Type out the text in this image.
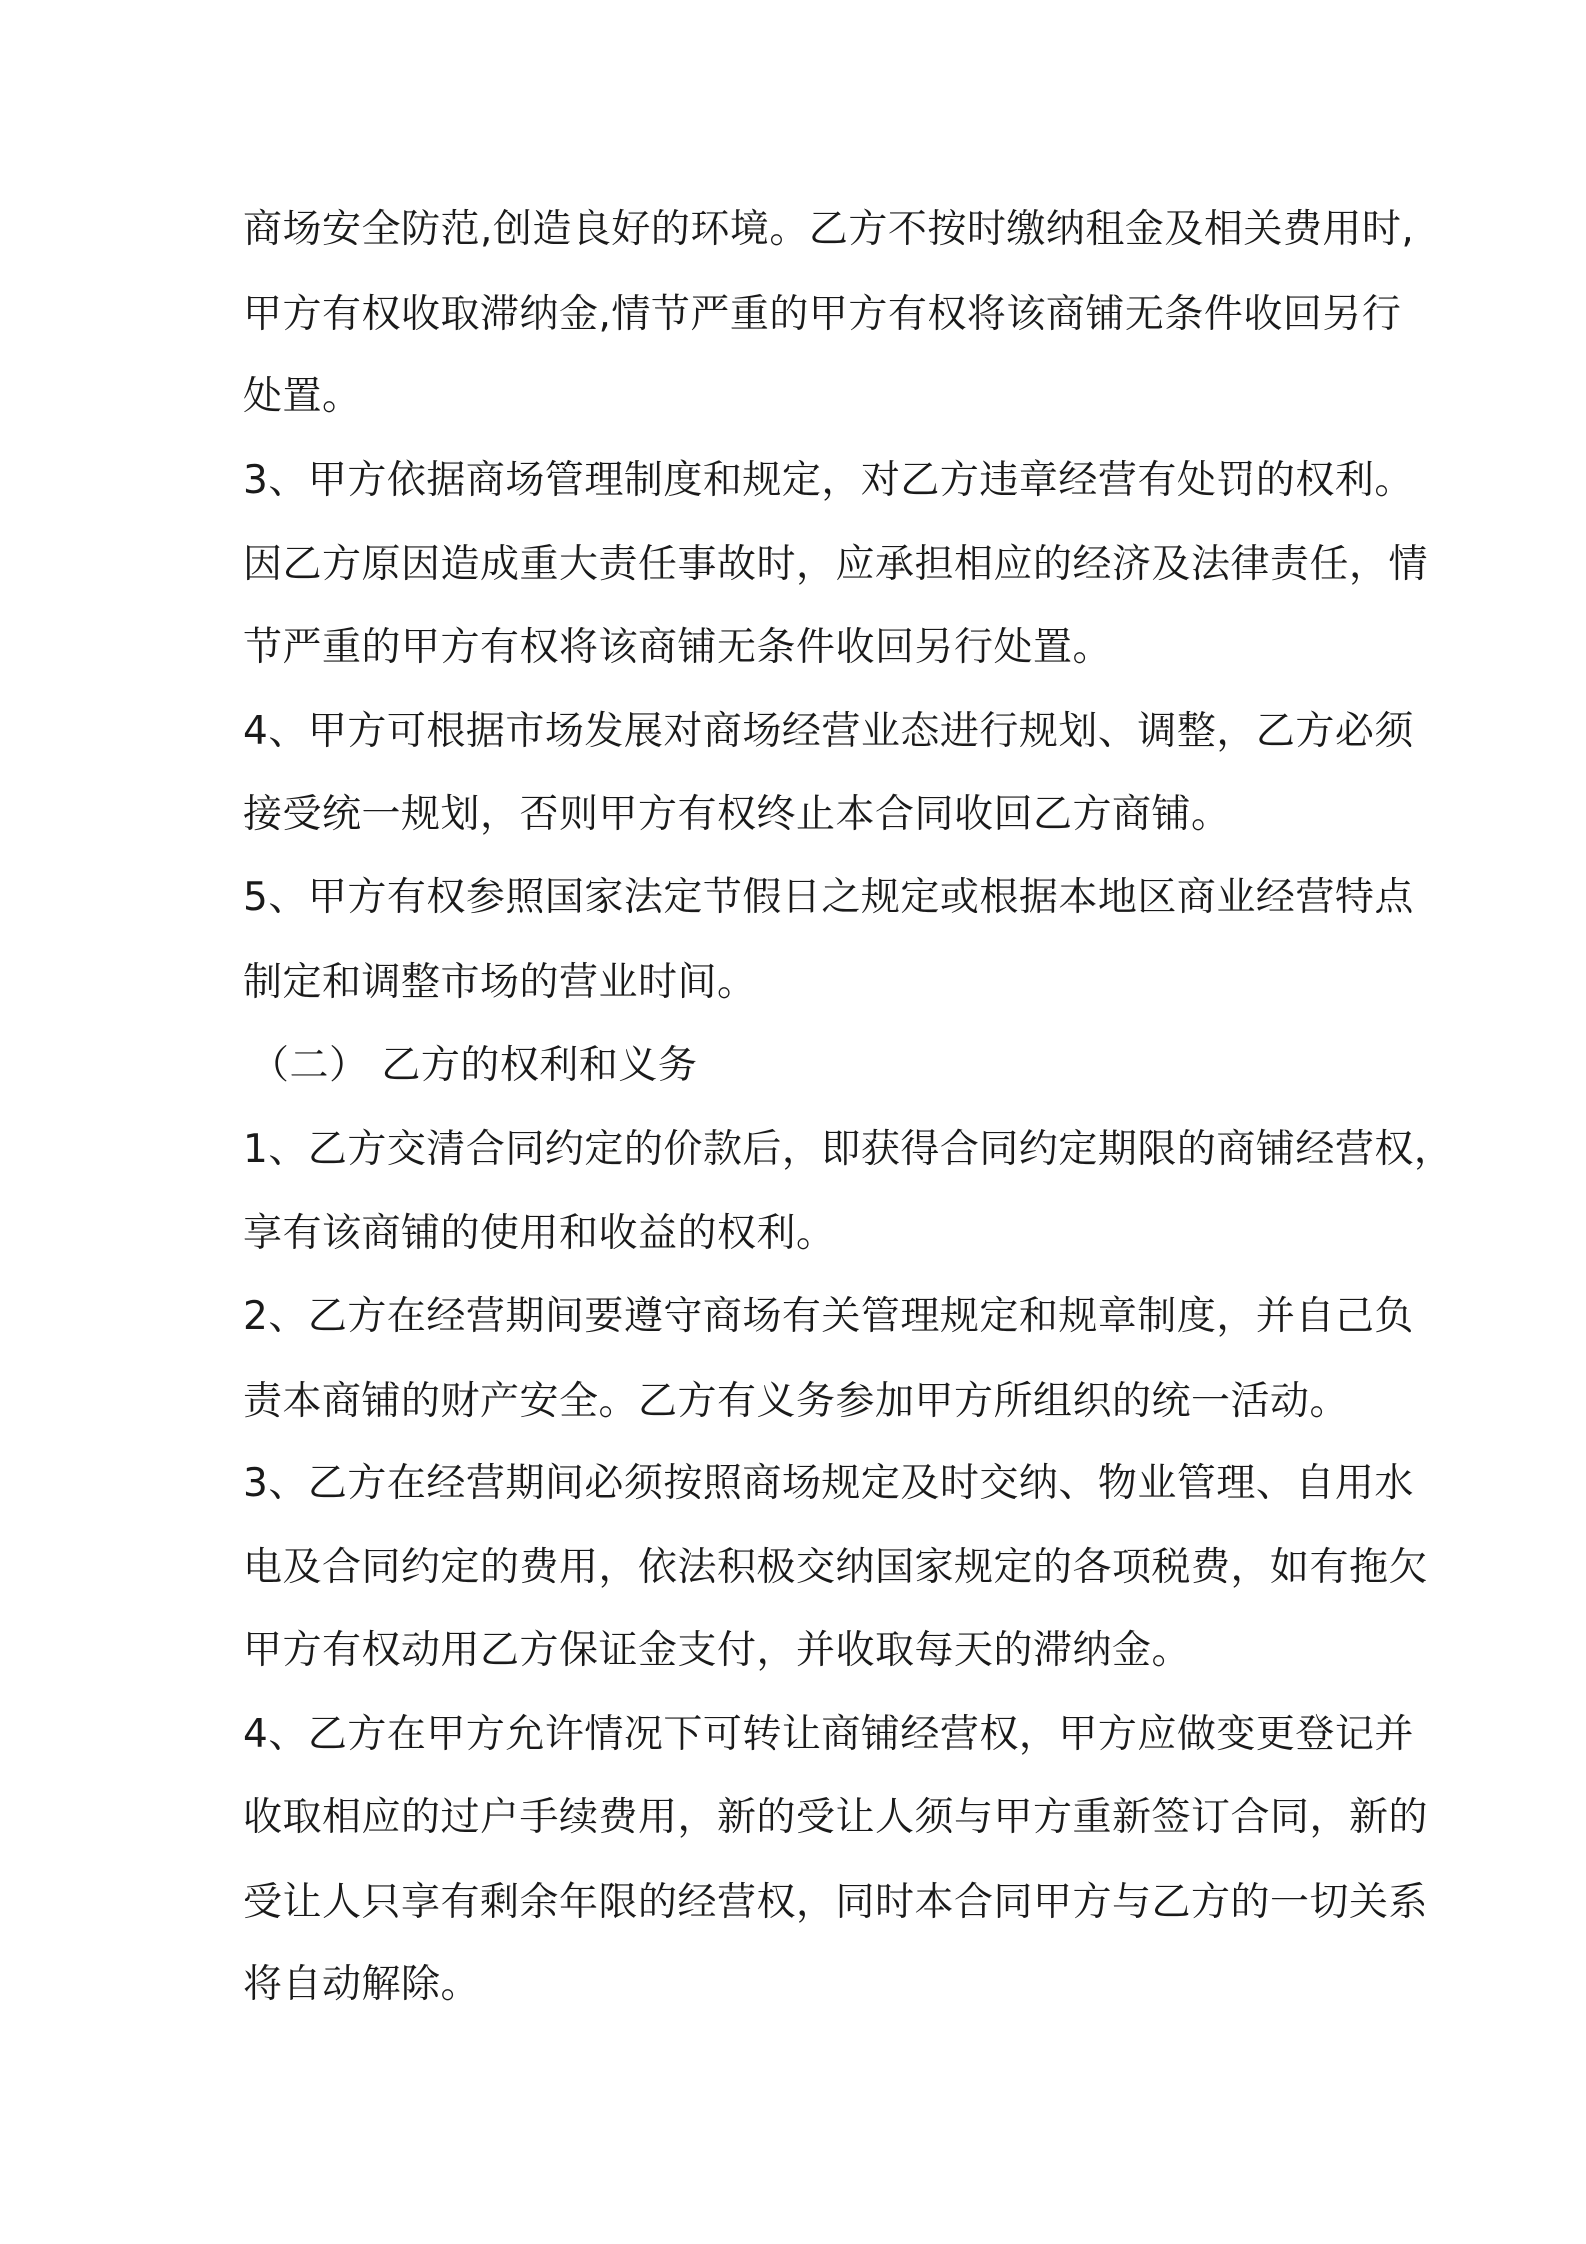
商场安全防范,创造良好的环境。乙方不按时缴纳租金及相关费用时,
甲方有权收取滞纳金,情节严重的甲方有权将该商铺无条件收回另行
处置。
3、甲方依据商场管理制度和规定，对乙方违章经营有处罚的权利。
因乙方原因造成重大责任事故时，应承担相应的经济及法律责任，情
节严重的甲方有权将该商铺无条件收回另行处置。
4、甲方可根据市场发展对商场经营业态进行规划、调整，乙方必须
接受统一规划，否则甲方有权终止本合同收回乙方商铺。
5、甲方有权参照国家法定节假日之规定或根据本地区商业经营特点
制定和调整市场的营业时间。
（二） 乙方的权利和义务
1、乙方交清合同约定的价款后，即获得合同约定期限的商铺经营权，
享有该商铺的使用和收益的权利。
2、乙方在经营期间要遵守商场有关管理规定和规章制度，并自己负
责本商铺的财产安全。乙方有义务参加甲方所组织的统一活动。
3、乙方在经营期间必须按照商场规定及时交纳、物业管理、自用水
电及合同约定的费用，依法积极交纳国家规定的各项税费，如有拖欠
甲方有权动用乙方保证金支付，并收取每天的滞纳金。
4、乙方在甲方允许情况下可转让商铺经营权，甲方应做变更登记并
收取相应的过户手续费用，新的受让人须与甲方重新签订合同，新的
受让人只享有剩余年限的经营权，同时本合同甲方与乙方的一切关系
将自动解除。
